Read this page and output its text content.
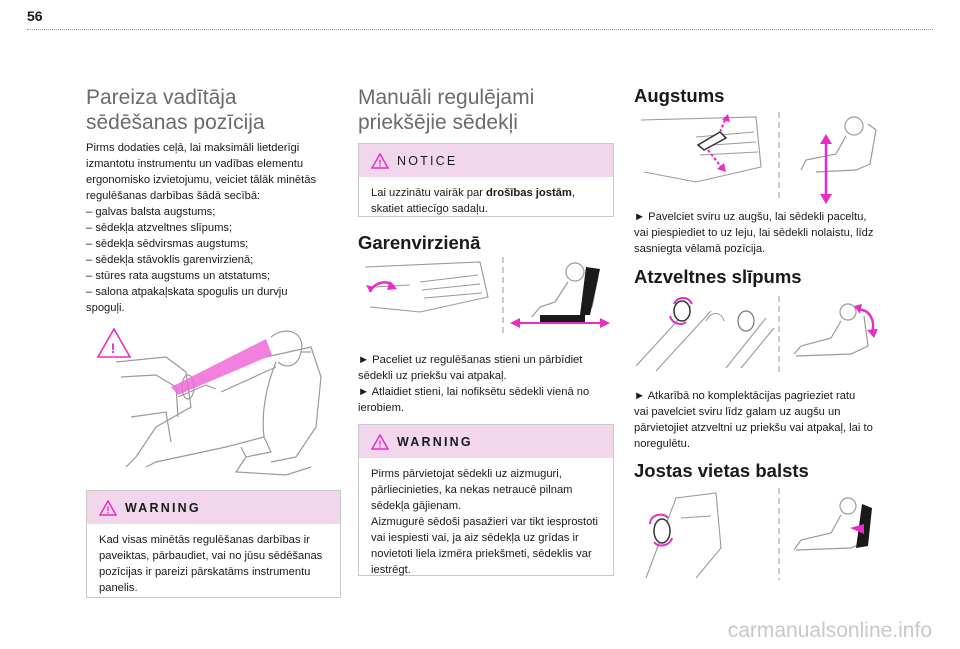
56
Pareiza vadītāja
sēdēšanas pozīcija
Pirms dodaties ceļā, lai maksimāli lietderīgi
izmantotu instrumentu un vadības elementu
ergonomisko izvietojumu, veiciet tālāk minētās
regulēšanas darbības šādā secībā:
– galvas balsta augstums;
– sēdekļa atzveltnes slīpums;
– sēdekļa sēdvirsmas augstums;
– sēdekļa stāvoklis garenvirzienā;
– stūres rata augstums un atstatums;
– salona atpakaļskata spogulis un durvju
spoguļi.
!
! WARNING
Kad visas minētās regulēšanas darbības ir
paveiktas, pārbaudiet, vai no jūsu sēdēšanas
pozīcijas ir pareizi pārskatāms instrumentu
panelis.
Manuāli regulējami
priekšējie sēdekļi
! NOTICE
Lai uzzinātu vairāk par drošības jostām,
skatiet attiecīgo sadaļu.
Garenvirzienā
► Paceliet uz regulēšanas stieni un pārbīdiet
sēdekli uz priekšu vai atpakaļ.
► Atlaidiet stieni, lai nofiksētu sēdekli vienā no
ierobiem.
! WARNING
Pirms pārvietojat sēdekli uz aizmuguri,
pārliecinieties, ka nekas netraucē pilnam
sēdekļa gājienam.
Aizmugurē sēdoši pasažieri var tikt iesprostoti
vai iespiesti vai, ja aiz sēdekļa uz grīdas ir
novietoti liela izmēra priekšmeti, sēdeklis var
iestrēgt.
Augstums
► Pavelciet sviru uz augšu, lai sēdekli paceltu,
vai piespiediet to uz leju, lai sēdekli nolaistu, līdz
sasniegta vēlamā pozīcija.
Atzveltnes slīpums
► Atkarībā no komplektācijas pagrieziet ratu
vai pavelciet sviru līdz galam uz augšu un
pārvietojiet atzveltni uz priekšu vai atpakaļ, lai to
noregulētu.
Jostas vietas balsts
carmanualsonline.info
